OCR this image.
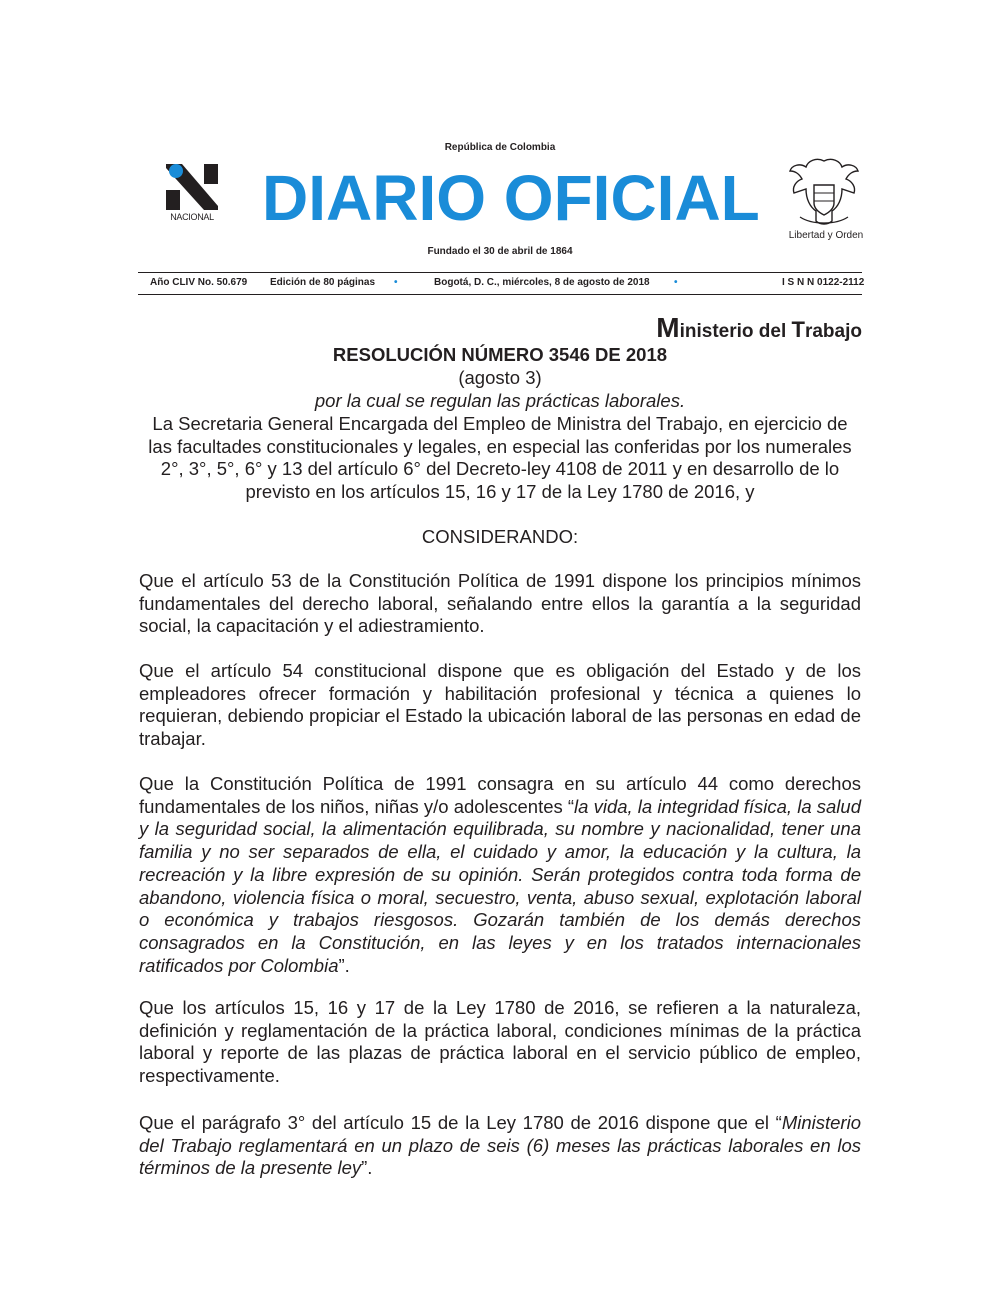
República de Colombia
NACIONAL DIARIO OFICIAL
Libertad y Orden
Fundado el 30 de abril de 1864
Año CLIV No. 50.679 Edición de 80 páginas •	Bogotá, D. C., miércoles, 8 de agosto de 2018 •	I S N N 0122-2112
Ministerio del Trabajo
RESOLUCIÓN NÚMERO 3546 DE 2018
(agosto 3)
por la cual se regulan las prácticas laborales.
La Secretaria General Encargada del Empleo de Ministra del Trabajo, en ejercicio de las facultades constitucionales y legales, en especial las conferidas por los numerales 2°, 3°, 5°, 6° y 13 del artículo 6° del Decreto-ley 4108 de 2011 y en desarrollo de lo previsto en los artículos 15, 16 y 17 de la Ley 1780 de 2016, y
CONSIDERANDO:
Que el artículo 53 de la Constitución Política de 1991 dispone los principios mínimos fundamentales del derecho laboral, señalando entre ellos la garantía a la seguridad social, la capacitación y el adiestramiento.
Que el artículo 54 constitucional dispone que es obligación del Estado y de los empleadores ofrecer formación y habilitación profesional y técnica a quienes lo requieran, debiendo propiciar el Estado la ubicación laboral de las personas en edad de trabajar.
Que la Constitución Política de 1991 consagra en su artículo 44 como derechos fundamentales de los niños, niñas y/o adolescentes “la vida, la integridad física, la salud y la seguridad social, la alimentación equilibrada, su nombre y nacionalidad, tener una familia y no ser separados de ella, el cuidado y amor, la educación y la cultura, la recreación y la libre expresión de su opinión. Serán protegidos contra toda forma de abandono, violencia física o moral, secuestro, venta, abuso sexual, explotación laboral o económica y trabajos riesgosos. Gozarán también de los demás derechos consagrados en la Constitución, en las leyes y en los tratados internacionales ratificados por Colombia”.
Que los artículos 15, 16 y 17 de la Ley 1780 de 2016, se refieren a la naturaleza, definición y reglamentación de la práctica laboral, condiciones mínimas de la práctica laboral y reporte de las plazas de práctica laboral en el servicio público de empleo, respectivamente.
Que el parágrafo 3° del artículo 15 de la Ley 1780 de 2016 dispone que el “Ministerio del Trabajo reglamentará en un plazo de seis (6) meses las prácticas laborales en los términos de la presente ley”.
